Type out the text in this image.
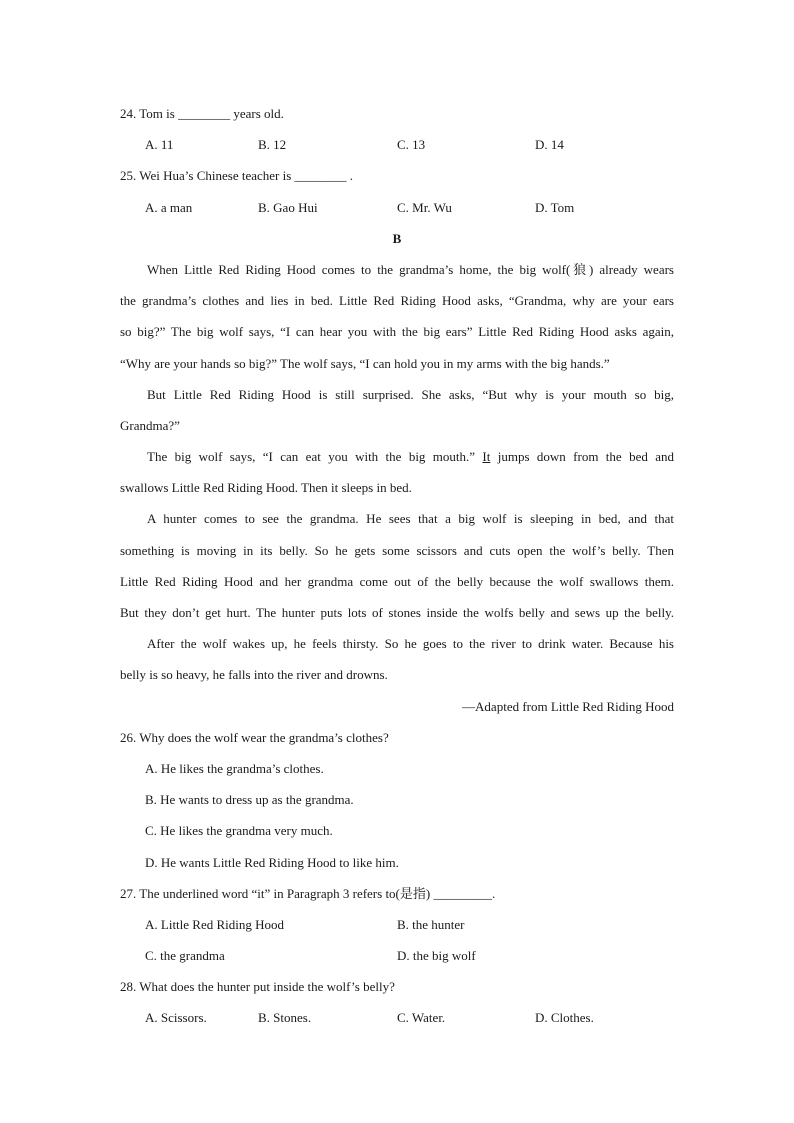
24. Tom is ________ years old.
A. 11	B. 12	C. 13	D. 14
25. Wei Hua’s Chinese teacher is ________ .
A. a man	B. Gao Hui	C. Mr. Wu	D. Tom
B
When Little Red Riding Hood comes to the grandma’s home, the big wolf(狼) already wears
the grandma’s clothes and lies in bed. Little Red Riding Hood asks, “Grandma, why are your ears
so big?” The big wolf says, “I can hear you with the big ears” Little Red Riding Hood asks again,
“Why are your hands so big?” The wolf says, “I can hold you in my arms with the big hands.”
But Little Red Riding Hood is still surprised. She asks, “But why is your mouth so big,
Grandma?”
The big wolf says, “I can eat you with the big mouth.” It jumps down from the bed and
swallows Little Red Riding Hood. Then it sleeps in bed.
A hunter comes to see the grandma. He sees that a big wolf is sleeping in bed, and that
something is moving in its belly. So he gets some scissors and cuts open the wolf’s belly. Then
Little Red Riding Hood and her grandma come out of the belly because the wolf swallows them.
But they don’t get hurt. The hunter puts lots of stones inside the wolfs belly and sews up the belly.
After the wolf wakes up, he feels thirsty. So he goes to the river to drink water. Because his
belly is so heavy, he falls into the river and drowns.
—Adapted from Little Red Riding Hood
26. Why does the wolf wear the grandma’s clothes?
A. He likes the grandma’s clothes.
B. He wants to dress up as the grandma.
C. He likes the grandma very much.
D. He wants Little Red Riding Hood to like him.
27. The underlined word “it” in Paragraph 3 refers to(是指) _________.
A. Little Red Riding Hood	B. the hunter
C. the grandma	D. the big wolf
28. What does the hunter put inside the wolf’s belly?
A. Scissors.	B. Stones.	C. Water.	D. Clothes.
